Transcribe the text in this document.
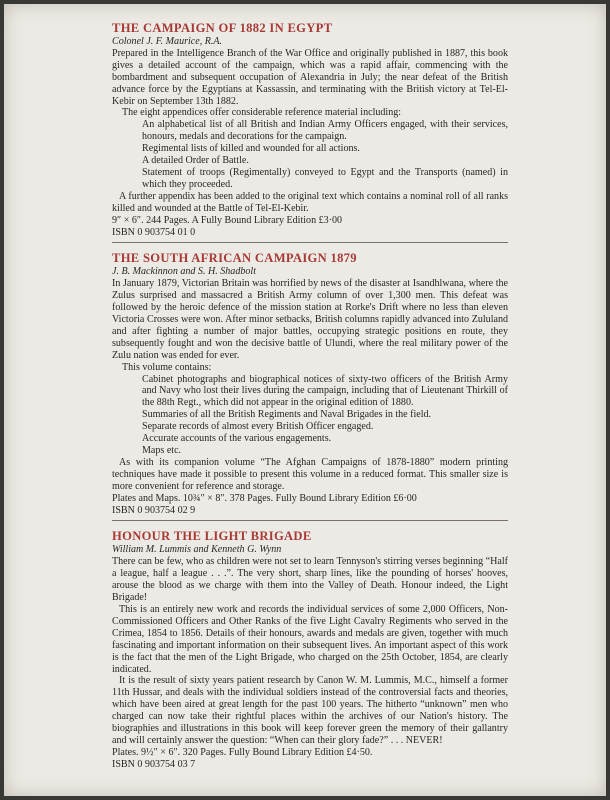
THE CAMPAIGN OF 1882 IN EGYPT
Colonel J. F. Maurice, R.A.

Prepared in the Intelligence Branch of the War Office and originally published in 1887, this book gives a detailed account of the campaign, which was a rapid affair, commencing with the bombardment and subsequent occupation of Alexandria in July; the near defeat of the British advance force by the Egyptians at Kassassin, and terminating with the British victory at Tel-El-Kebir on September 13th 1882.

The eight appendices offer considerable reference material including:
An alphabetical list of all British and Indian Army Officers engaged, with their services, honours, medals and decorations for the campaign.
Regimental lists of killed and wounded for all actions.
A detailed Order of Battle.
Statement of troops (Regimentally) conveyed to Egypt and the Transports (named) in which they proceeded.

A further appendix has been added to the original text which contains a nominal roll of all ranks killed and wounded at the Battle of Tel-El-Kebir.

9″ × 6″. 244 Pages. A Fully Bound Library Edition £3·00
ISBN 0 903754 01 0
THE SOUTH AFRICAN CAMPAIGN 1879
J. B. Mackinnon and S. H. Shadbolt

In January 1879, Victorian Britain was horrified by news of the disaster at Isandhlwana, where the Zulus surprised and massacred a British Army column of over 1,300 men. This defeat was followed by the heroic defence of the mission station at Rorke's Drift where no less than eleven Victoria Crosses were won. After minor setbacks, British columns rapidly advanced into Zululand and after fighting a number of major battles, occupying strategic positions en route, they subsequently fought and won the decisive battle of Ulundi, where the real military power of the Zulu nation was ended for ever.

This volume contains:
Cabinet photographs and biographical notices of sixty-two officers of the British Army and Navy who lost their lives during the campaign, including that of Lieutenant Thirkill of the 88th Regt., which did not appear in the original edition of 1880.
Summaries of all the British Regiments and Naval Brigades in the field.
Separate records of almost every British Officer engaged.
Accurate accounts of the various engagements.
Maps etc.

As with its companion volume “The Afghan Campaigns of 1878-1880” modern printing techniques have made it possible to present this volume in a reduced format. This smaller size is more convenient for reference and storage.

Plates and Maps. 10¾″ × 8″. 378 Pages. Fully Bound Library Edition £6·00
ISBN 0 903754 02 9
HONOUR THE LIGHT BRIGADE
William M. Lummis and Kenneth G. Wynn

There can be few, who as children were not set to learn Tennyson's stirring verses beginning “Half a league, half a league . . .”. The very short, sharp lines, like the pounding of horses' hooves, arouse the blood as we charge with them into the Valley of Death. Honour indeed, the Light Brigade!

This is an entirely new work and records the individual services of some 2,000 Officers, Non-Commissioned Officers and Other Ranks of the five Light Cavalry Regiments who served in the Crimea, 1854 to 1856. Details of their honours, awards and medals are given, together with much fascinating and important information on their subsequent lives. An important aspect of this work is the fact that the men of the Light Brigade, who charged on the 25th October, 1854, are clearly indicated.

It is the result of sixty years patient research by Canon W. M. Lummis, M.C., himself a former 11th Hussar, and deals with the individual soldiers instead of the controversial facts and theories, which have been aired at great length for the past 100 years. The hitherto “unknown” men who charged can now take their rightful places within the archives of our Nation's history. The biographies and illustrations in this book will keep forever green the memory of their gallantry and will certainly answer the question: “When can their glory fade?” . . . NEVER!

Plates. 9½″ × 6″. 320 Pages. Fully Bound Library Edition £4·50.
ISBN 0 903754 03 7
